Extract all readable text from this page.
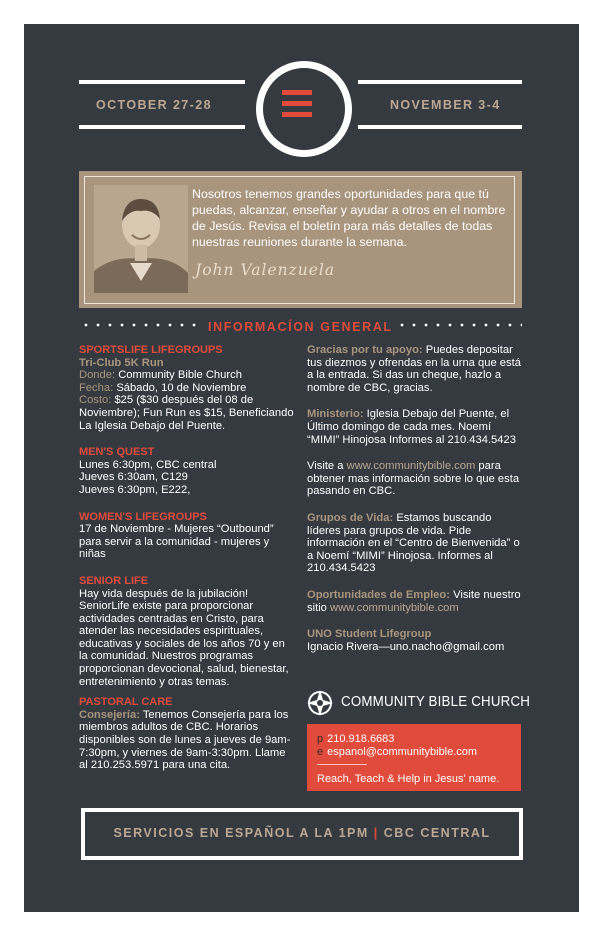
OCTOBER 27-28	NOVEMBER 3-4
Nosotros tenemos grandes oportunidades para que tú puedas, alcanzar, enseñar y ayudar a otros en el nombre de Jesús. Revisa el boletín para más detalles de todas nuestras reuniones durante la semana.
John Valenzuela
INFORMACÍON GENERAL

SPORTSLIFE LIFEGROUPS

Tri-Club 5K Run

Donde: Community Bible Church

Fecha: Sábado, 10 de Noviembre

Costo: $25 ($30 después del 08 de Noviembre); Fun Run es $15, Beneficiando La Iglesia Debajo del Puente.

MEN'S QUEST

Lunes 6:30pm, CBC central

Jueves 6:30am, C129

Jueves 6:30pm, E222,

WOMEN'S LIFEGROUPS

17 de Noviembre - Mujeres “Outbound” para servir a la comunidad - mujeres y niñas

SENIOR LIFE

Hay vida después de la jubilación! SeniorLife existe para proporcionar actividades centradas en Cristo, para atender las necesidades espirituales, educativas y sociales de los años 70 y en la comunidad. Nuestros programas proporcionan devocional, salud, bienestar, entretenimiento y otras temas.

PASTORAL CARE

Consejería: Tenemos Consejería para los miembros adultos de CBC. Horarios disponibles son de lunes a jueves de 9am-7:30pm, y viernes de 9am-3:30pm. Llame al 210.253.5971 para una cita.

Gracias por tu apoyo: Puedes depositar tus diezmos y ofrendas en la urna que está a la entrada. Si das un cheque, hazlo a nombre de CBC, gracias.

Ministerio: Iglesia Debajo del Puente, el Último domingo de cada mes. Noemí “MIMI” Hinojosa Informes al 210.434.5423

Visite a www.communitybible.com para obtener mas información sobre lo que esta pasando en CBC.

Grupos de Vida: Estamos buscando líderes para grupos de vida. Pide información en el “Centro de Bienvenida” o a Noemí “MIMI” Hinojosa. Informes al 210.434.5423

Oportunidades de Empleo: Visite nuestro sitio www.communitybible.com

UNO Student Lifegroup

Ignacio Rivera—uno.nacho@gmail.com

COMMUNITY BIBLE CHURCH
p 210.918.6683
e espanol@communitybible.com
Reach, Teach & Help in Jesus' name.
SERVICIOS EN ESPAÑOL A LA 1PM | CBC CENTRAL
